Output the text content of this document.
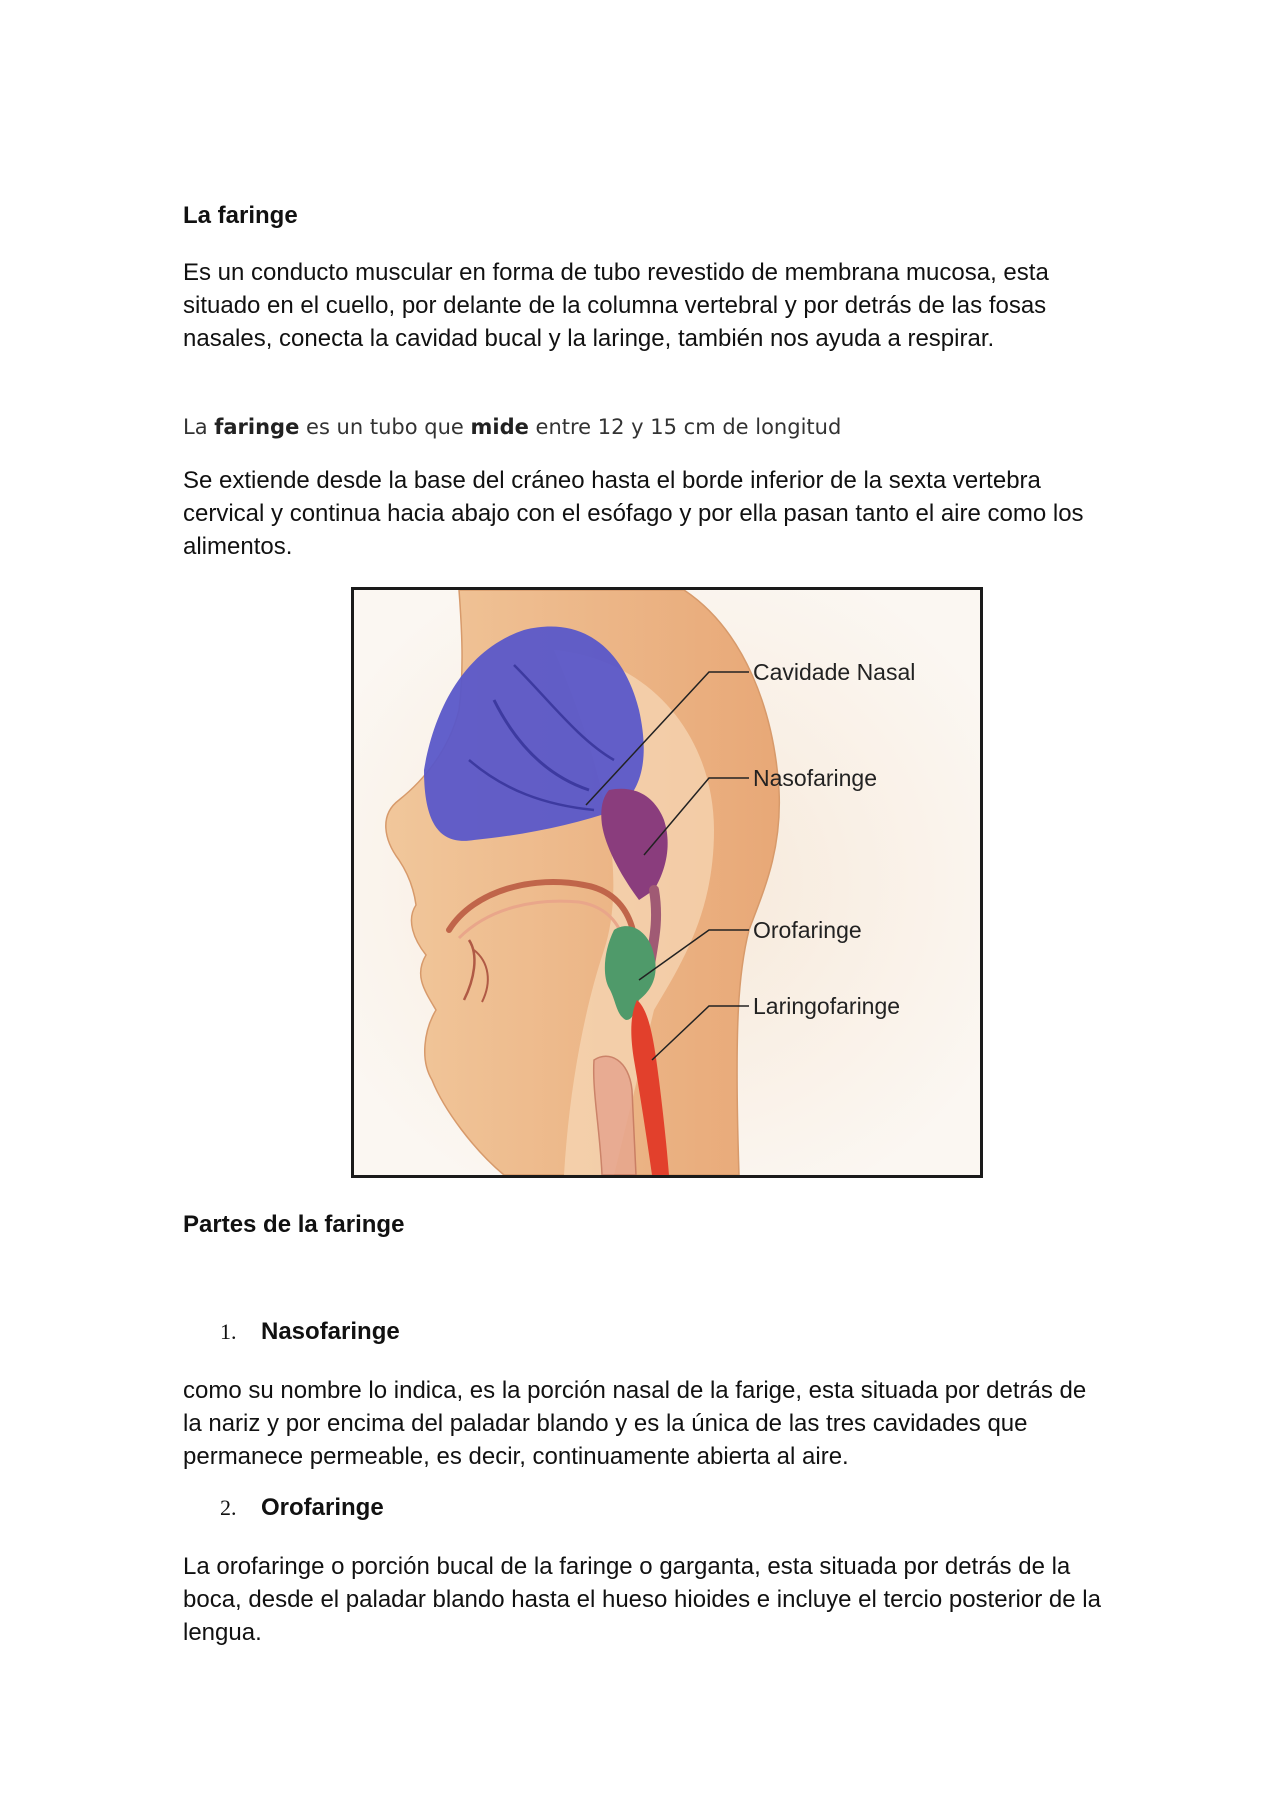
La faringe

Es un conducto muscular en forma de tubo revestido de membrana mucosa, esta situado en el cuello, por delante de la columna vertebral y por detrás de las fosas nasales, conecta la cavidad bucal y la laringe, también nos ayuda a respirar.

La faringe es un tubo que mide entre 12 y 15 cm de longitud

Se extiende desde la base del cráneo hasta el borde inferior de la sexta vertebra cervical y continua hacia abajo con el esófago y por ella pasan tanto el aire como los alimentos.

Partes de la faringe
1. Nasofaringe

como su nombre lo indica, es la porción nasal de la farige, esta situada por detrás de la nariz y por encima del paladar blando y es la única de las tres cavidades que permanece permeable, es decir, continuamente abierta al aire.

2. Orofaringe

La orofaringe o porción bucal de la faringe o garganta, esta situada por detrás de la boca, desde el paladar blando hasta el hueso hioides e incluye el tercio posterior de la lengua.

Cavidade Nasal
Nasofaringe
Orofaringe
Laringofaringe
